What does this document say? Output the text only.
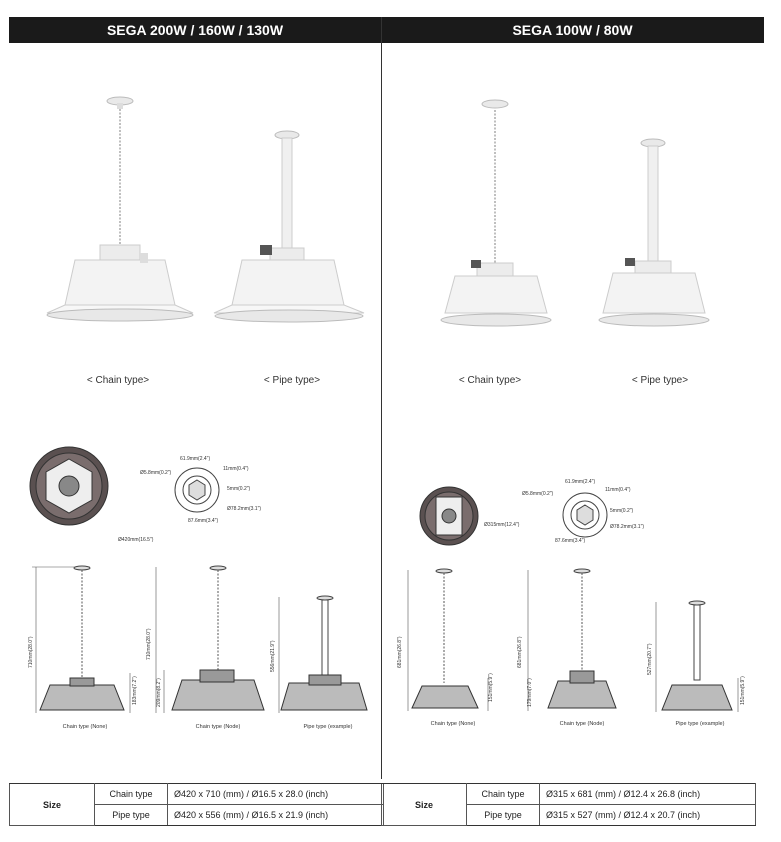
SEGA 200W / 160W / 130W	SEGA 100W / 80W
< Chain type>	< Pipe type>	< Chain type>	< Pipe type>
61.9mm(2.4")
Ø5.8mm(0.2")
11mm(0.4")
5mm(0.2")
Ø78.2mm(3.1")
87.6mm(3.4")
Ø420mm(16.5")
61.9mm(2.4")
Ø5.8mm(0.2")
11mm(0.4")
5mm(0.2")
Ø78.2mm(3.1")
87.6mm(3.4")
Ø315mm(12.4")
710mm(28.0")
183mm(7.2")
710mm(28.0")
209mm(8.2")
556mm(21.9")
Chain type (None)	Chain type (Node)	Pipe type (example)
681mm(26.8")
151mm(5.9")
681mm(26.8")
179mm(7.0")
527mm(20.7")
151mm(5.9")
Chain type (None)	Chain type (Node)	Pipe type (example)
Size	Chain type	Ø420 x 710 (mm) / Ø16.5 x 28.0 (inch)
	Pipe type	Ø420 x 556 (mm) / Ø16.5 x 21.9 (inch)
Size	Chain type	Ø315 x 681 (mm) / Ø12.4 x 26.8 (inch)
	Pipe type	Ø315 x 527 (mm) / Ø12.4 x 20.7 (inch)
